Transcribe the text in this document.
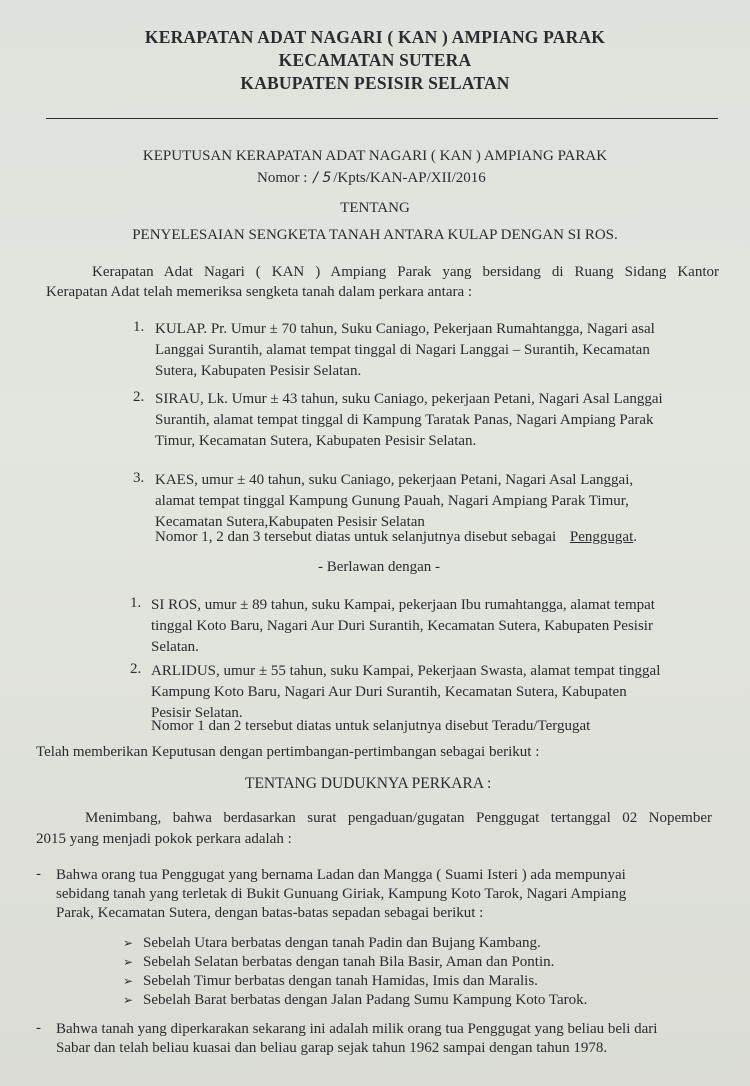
KERAPATAN ADAT NAGARI ( KAN ) AMPIANG PARAK
KECAMATAN SUTERA
KABUPATEN PESISIR SELATAN
KEPUTUSAN KERAPATAN ADAT NAGARI ( KAN ) AMPIANG PARAK
Nomor : / 5 /Kpts/KAN-AP/XII/2016
TENTANG
PENYELESAIAN SENGKETA TANAH ANTARA KULAP DENGAN SI ROS.
Kerapatan Adat Nagari ( KAN ) Ampiang Parak yang bersidang di Ruang Sidang Kantor
Kerapatan Adat telah memeriksa sengketa tanah dalam perkara antara :
1. KULAP. Pr. Umur ± 70 tahun, Suku Caniago, Pekerjaan Rumahtangga, Nagari asal
Langgai Surantih, alamat tempat tinggal di Nagari Langgai – Surantih, Kecamatan
Sutera, Kabupaten Pesisir Selatan.
2. SIRAU, Lk. Umur ± 43 tahun, suku Caniago, pekerjaan Petani, Nagari Asal Langgai
Surantih, alamat tempat tinggal di Kampung Taratak Panas, Nagari Ampiang Parak
Timur, Kecamatan Sutera, Kabupaten Pesisir Selatan.
3. KAES, umur ± 40 tahun, suku Caniago, pekerjaan Petani, Nagari Asal Langgai,
alamat tempat tinggal Kampung Gunung Pauah, Nagari Ampiang Parak Timur,
Kecamatan Sutera,Kabupaten Pesisir Selatan
Nomor 1, 2 dan 3 tersebut diatas untuk selanjutnya disebut sebagai Penggugat.
- Berlawan dengan -
1. SI ROS, umur ± 89 tahun, suku Kampai, pekerjaan Ibu rumahtangga, alamat tempat
tinggal Koto Baru, Nagari Aur Duri Surantih, Kecamatan Sutera, Kabupaten Pesisir
Selatan.
2. ARLIDUS, umur ± 55 tahun, suku Kampai, Pekerjaan Swasta, alamat tempat tinggal
Kampung Koto Baru, Nagari Aur Duri Surantih, Kecamatan Sutera, Kabupaten
Pesisir Selatan.
Nomor 1 dan 2 tersebut diatas untuk selanjutnya disebut Teradu/Tergugat
Telah memberikan Keputusan dengan pertimbangan-pertimbangan sebagai berikut :
TENTANG DUDUKNYA PERKARA :
Menimbang, bahwa berdasarkan surat pengaduan/gugatan Penggugat tertanggal 02 Nopember
2015 yang menjadi pokok perkara adalah :
- Bahwa orang tua Penggugat yang bernama Ladan dan Mangga ( Suami Isteri ) ada mempunyai
sebidang tanah yang terletak di Bukit Gunuang Giriak, Kampung Koto Tarok, Nagari Ampiang
Parak, Kecamatan Sutera, dengan batas-batas sepadan sebagai berikut :
➢ Sebelah Utara berbatas dengan tanah Padin dan Bujang Kambang.
➢ Sebelah Selatan berbatas dengan tanah Bila Basir, Aman dan Pontin.
➢ Sebelah Timur berbatas dengan tanah Hamidas, Imis dan Maralis.
➢ Sebelah Barat berbatas dengan Jalan Padang Sumu Kampung Koto Tarok.
- Bahwa tanah yang diperkarakan sekarang ini adalah milik orang tua Penggugat yang beliau beli dari
Sabar dan telah beliau kuasai dan beliau garap sejak tahun 1962 sampai dengan tahun 1978.
